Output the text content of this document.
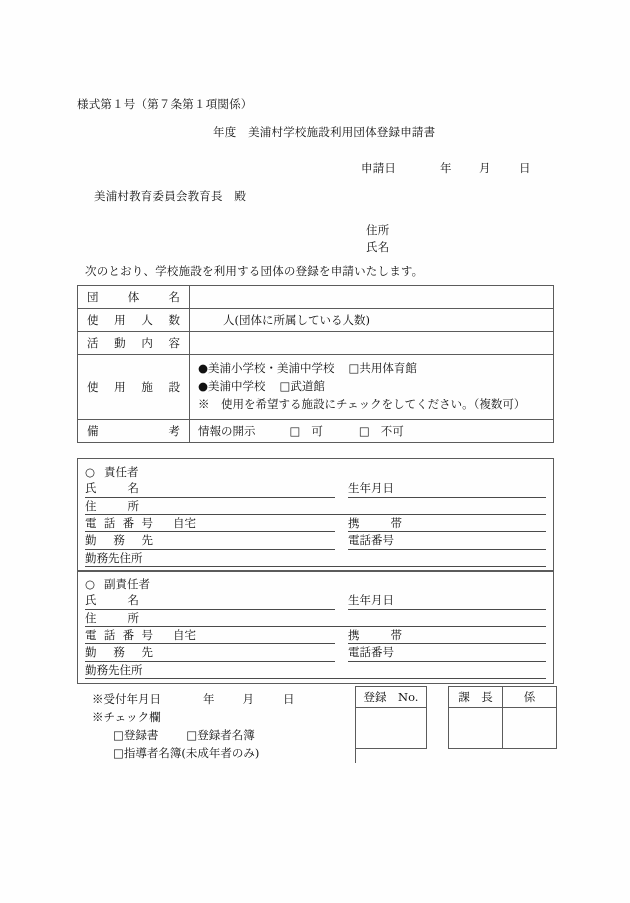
様式第１号（第７条第１項関係）
年度　美浦村学校施設利用団体登録申請書
申請日	年 月 日
美浦村教育委員会教育長　殿
住所
氏名
次のとおり、学校施設を利用する団体の登録を申請いたします。
団 体 名	

使 用 人 数	人(団体に所属している人数)

活 動 内 容	

使 用 施 設

●美浦小学校・美浦中学校 □共用体育館
●美浦中学校 □武道館
※　使用を希望する施設にチェックをしてください。（複数可）

備 考	情報の開示 □ 可 □ 不可
○ 責任者
氏	名	生年月日
住	所
電 話 番 号 自宅	携	帯
勤 務 先	電話番号
勤務先住所
○ 副責任者
氏	名	生年月日
住	所
電 話 番 号 自宅	携	帯
勤 務 先	電話番号
勤務先住所
※受付年月日	年 月	日
※チェック欄
□登録書 □登録者名簿
□指導者名簿(未成年者のみ)
登録　No.	課　長	係
